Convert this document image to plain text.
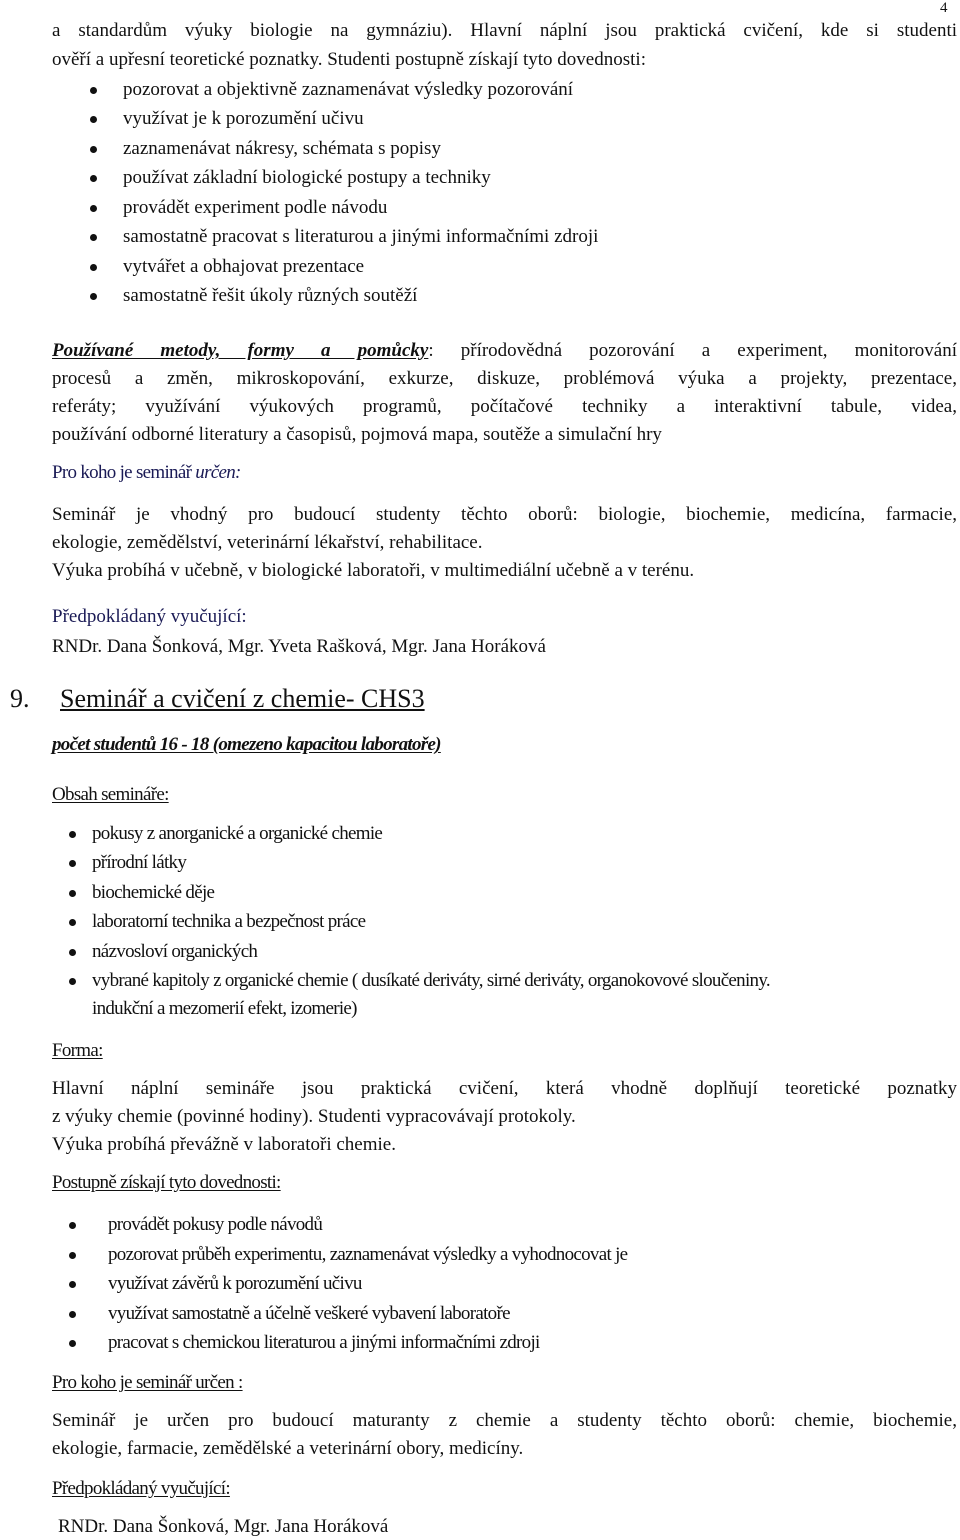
4
a standardům výuky biologie na gymnáziu). Hlavní náplní jsou praktická cvičení, kde si studenti
ověří a upřesní teoretické poznatky. Studenti postupně získají tyto dovednosti:
pozorovat a objektivně zaznamenávat výsledky pozorování
využívat je k porozumění učivu
zaznamenávat nákresy, schémata s popisy
používat základní biologické postupy a techniky
provádět experiment podle návodu
samostatně pracovat s literaturou a jinými informačními zdroji
vytvářet a obhajovat prezentace
samostatně řešit úkoly různých soutěží
Používané metody, formy a pomůcky: přírodovědná pozorování a experiment, monitorování
procesů a změn, mikroskopování, exkurze, diskuze, problémová výuka a projekty, prezentace,
referáty; využívání výukových programů, počítačové techniky a interaktivní tabule, videa,
používání odborné literatury a časopisů, pojmová mapa, soutěže a simulační hry
Pro koho je seminář určen:
Seminář je vhodný pro budoucí studenty těchto oborů: biologie, biochemie, medicína, farmacie,
ekologie, zemědělství, veterinární lékařství, rehabilitace.
Výuka probíhá v učebně, v biologické laboratoři, v multimediální učebně a v terénu.
Předpokládaný vyučující:
RNDr. Dana Šonková, Mgr. Yveta Rašková, Mgr. Jana Horáková
9. Seminář a cvičení z chemie- CHS3
počet studentů 16 - 18 (omezeno kapacitou laboratoře)
Obsah semináře:
pokusy z anorganické a organické chemie
přírodní látky
biochemické děje
laboratorní technika a bezpečnost práce
názvosloví organických
vybrané kapitoly z organické chemie ( dusíkaté deriváty, sirné deriváty, organokovové sloučeniny.
indukční a mezomerií efekt, izomerie)
Forma:
Hlavní náplní semináře jsou praktická cvičení, která vhodně doplňují teoretické poznatky
z výuky chemie (povinné hodiny). Studenti vypracovávají protokoly.
Výuka probíhá převážně v laboratoři chemie.
Postupně získají tyto dovednosti:
provádět pokusy podle návodů
pozorovat průběh experimentu, zaznamenávat výsledky a vyhodnocovat je
využívat závěrů k porozumění učivu
využívat samostatně a účelně veškeré vybavení laboratoře
pracovat s chemickou literaturou a jinými informačními zdroji
Pro koho je seminář určen :
Seminář je určen pro budoucí maturanty z chemie a studenty těchto oborů: chemie, biochemie,
ekologie, farmacie, zemědělské a veterinární obory, medicíny.
Předpokládaný vyučující:
RNDr. Dana Šonková, Mgr. Jana Horáková
